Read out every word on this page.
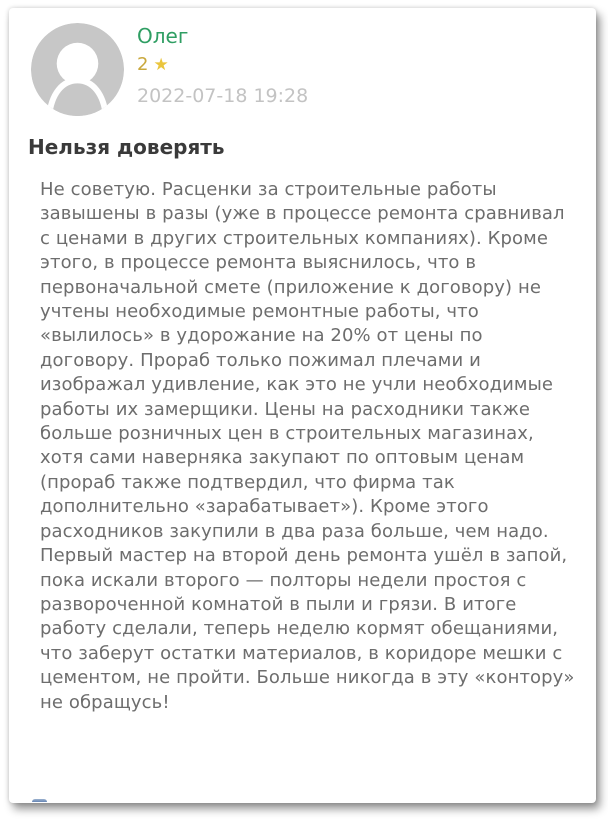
Олег
2 ★
2022-07-18 19:28
Нельзя доверять
Не советую. Расценки за строительные работы завышены в разы (уже в процессе ремонта сравнивал с ценами в других строительных компаниях). Кроме этого, в процессе ремонта выяснилось, что в первоначальной смете (приложение к договору) не учтены необходимые ремонтные работы, что «вылилось» в удорожание на 20% от цены по договору. Прораб только пожимал плечами и изображал удивление, как это не учли необходимые работы их замерщики. Цены на расходники также больше розничных цен в строительных магазинах, хотя сами наверняка закупают по оптовым ценам (прораб также подтвердил, что фирма так дополнительно «зарабатывает»). Кроме этого расходников закупили в два раза больше, чем надо. Первый мастер на второй день ремонта ушёл в запой, пока искали второго — полторы недели простоя с развороченной комнатой в пыли и грязи. В итоге работу сделали, теперь неделю кормят обещаниями, что заберут остатки материалов, в коридоре мешки с цементом, не пройти. Больше никогда в эту «контору» не обращусь!
